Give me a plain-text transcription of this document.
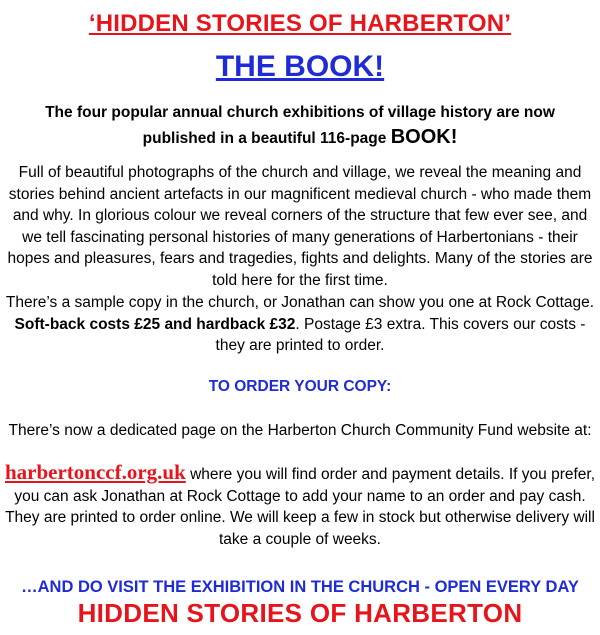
‘HIDDEN STORIES OF HARBERTON’
THE BOOK!
The four popular annual church exhibitions of village history are now published in a beautiful 116-page BOOK!
Full of beautiful photographs of the church and village, we reveal the meaning and stories behind ancient artefacts in our magnificent medieval church - who made them and why. In glorious colour we reveal corners of the structure that few ever see, and we tell fascinating personal histories of many generations of Harbertonians - their hopes and pleasures, fears and tragedies, fights and delights. Many of the stories are told here for the first time.
There’s a sample copy in the church, or Jonathan can show you one at Rock Cottage. Soft-back costs £25 and hardback £32. Postage £3 extra. This covers our costs - they are printed to order.
TO ORDER YOUR COPY:
There’s now a dedicated page on the Harberton Church Community Fund website at:
harbertonccf.org.uk where you will find order and payment details. If you prefer, you can ask Jonathan at Rock Cottage to add your name to an order and pay cash. They are printed to order online. We will keep a few in stock but otherwise delivery will take a couple of weeks.
…AND DO VISIT THE EXHIBITION IN THE CHURCH - OPEN EVERY DAY
HIDDEN STORIES OF HARBERTON
